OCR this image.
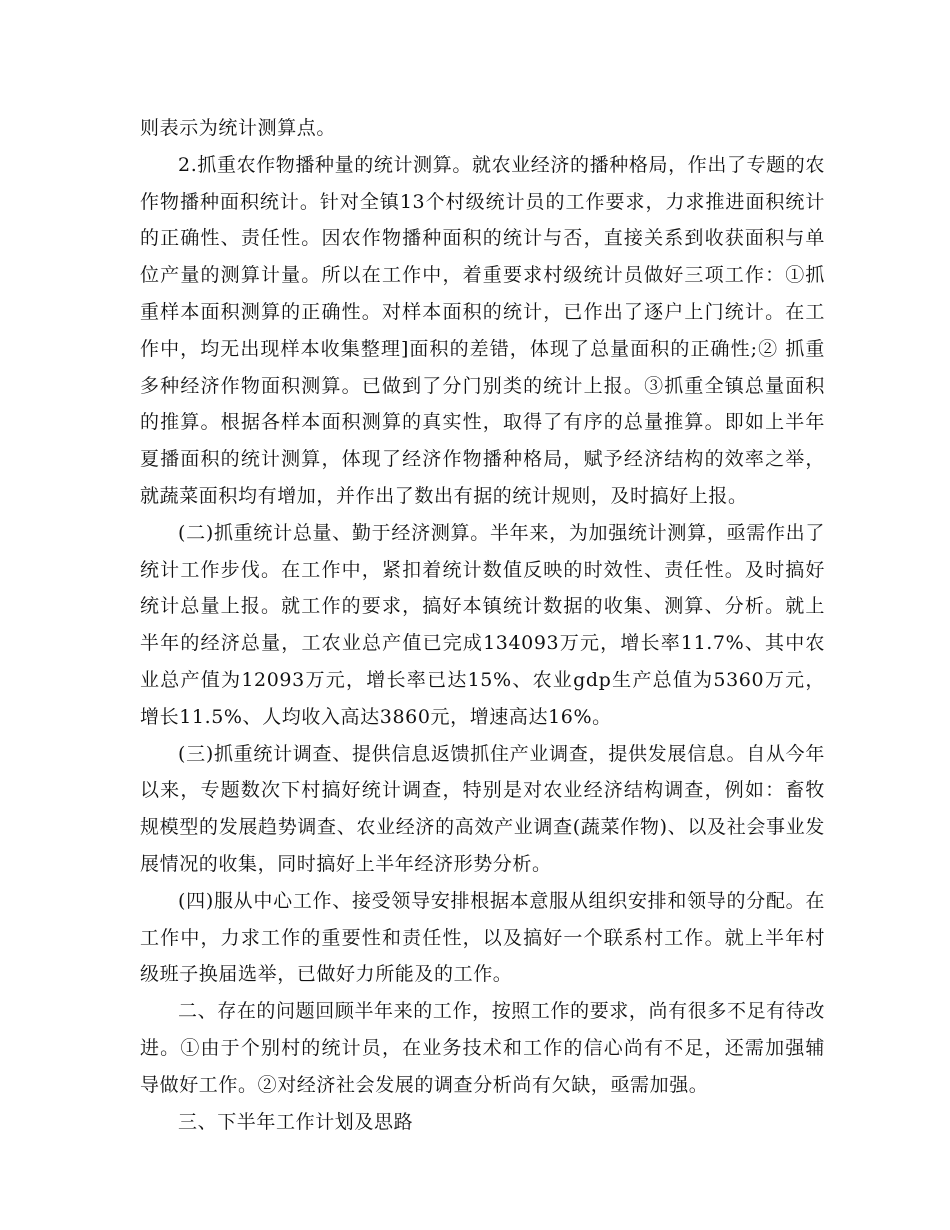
则表示为统计测算点。

2.抓重农作物播种量的统计测算。就农业经济的播种格局，作出了专题的农作物播种面积统计。针对全镇13个村级统计员的工作要求，力求推进面积统计的正确性、责任性。因农作物播种面积的统计与否，直接关系到收获面积与单位产量的测算计量。所以在工作中，着重要求村级统计员做好三项工作：①抓重样本面积测算的正确性。对样本面积的统计，已作出了逐户上门统计。在工作中，均无出现样本收集整理]面积的差错，体现了总量面积的正确性;② 抓重多种经济作物面积测算。已做到了分门别类的统计上报。③抓重全镇总量面积的推算。根据各样本面积测算的真实性，取得了有序的总量推算。即如上半年夏播面积的统计测算，体现了经济作物播种格局，赋予经济结构的效率之举，就蔬菜面积均有增加，并作出了数出有据的统计规则，及时搞好上报。

(二)抓重统计总量、勤于经济测算。半年来，为加强统计测算，亟需作出了统计工作步伐。在工作中，紧扣着统计数值反映的时效性、责任性。及时搞好统计总量上报。就工作的要求，搞好本镇统计数据的收集、测算、分析。就上半年的经济总量，工农业总产值已完成134093万元，增长率11.7%、其中农业总产值为12093万元，增长率已达15%、农业gdp生产总值为5360万元，增长11.5%、人均收入高达3860元，增速高达16%。

(三)抓重统计调查、提供信息返馈抓住产业调查，提供发展信息。自从今年以来，专题数次下村搞好统计调查，特别是对农业经济结构调查，例如：畜牧规模型的发展趋势调查、农业经济的高效产业调查(蔬菜作物)、以及社会事业发展情况的收集，同时搞好上半年经济形势分析。

(四)服从中心工作、接受领导安排根据本意服从组织安排和领导的分配。在工作中，力求工作的重要性和责任性，以及搞好一个联系村工作。就上半年村级班子换届选举，已做好力所能及的工作。

二、存在的问题回顾半年来的工作，按照工作的要求，尚有很多不足有待改进。①由于个别村的统计员，在业务技术和工作的信心尚有不足，还需加强辅导做好工作。②对经济社会发展的调查分析尚有欠缺，亟需加强。

三、下半年工作计划及思路
